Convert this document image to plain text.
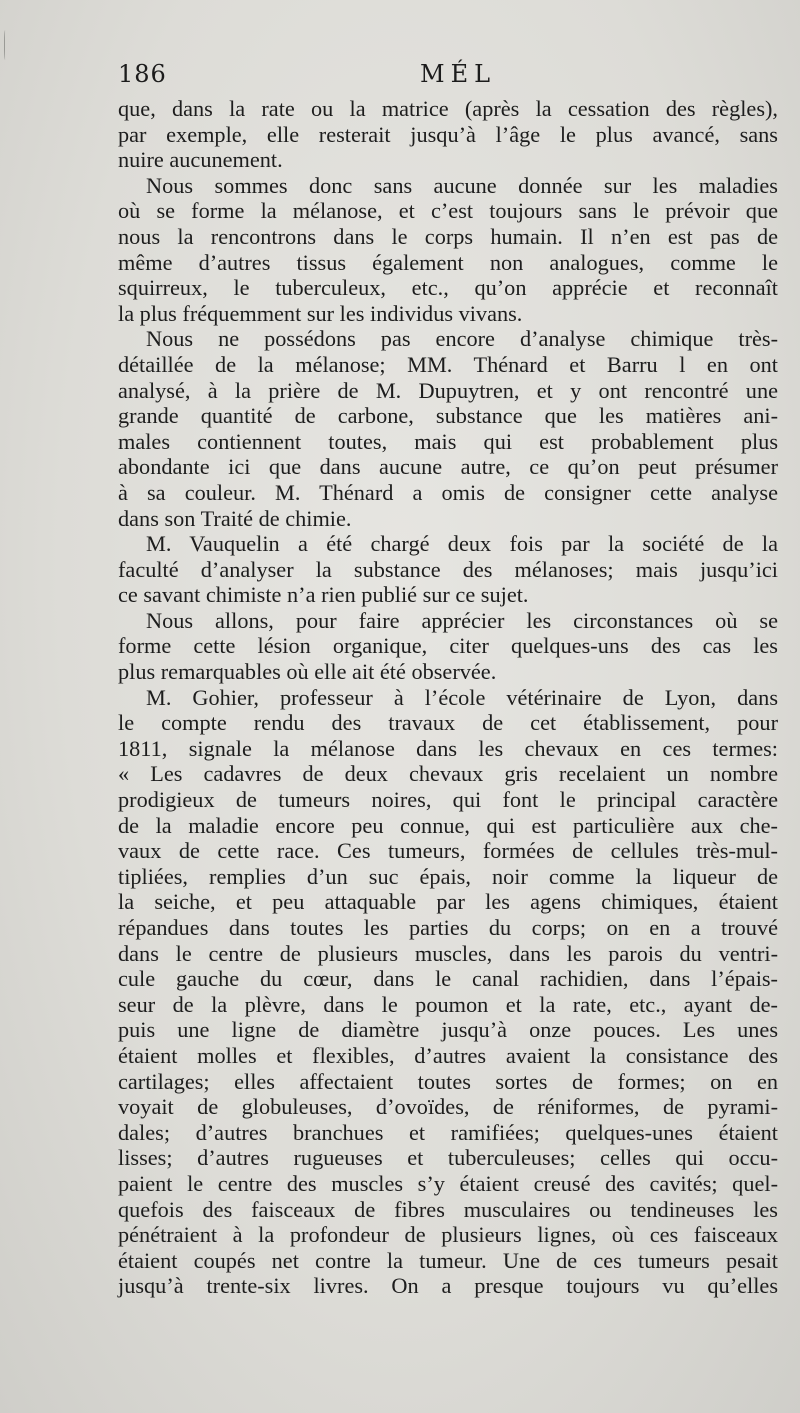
186	MÉL
que, dans la rate ou la matrice (après la cessation des règles),
par exemple, elle resterait jusqu’à l’âge le plus avancé, sans
nuire aucunement.
Nous sommes donc sans aucune donnée sur les maladies
où se forme la mélanose, et c’est toujours sans le prévoir que
nous la rencontrons dans le corps humain. Il n’en est pas de
même d’autres tissus également non analogues, comme le
squirreux, le tuberculeux, etc., qu’on apprécie et reconnaît
la plus fréquemment sur les individus vivans.
Nous ne possédons pas encore d’analyse chimique très-
détaillée de la mélanose; MM. Thénard et Barru l en ont
analysé, à la prière de M. Dupuytren, et y ont rencontré une
grande quantité de carbone, substance que les matières ani-
males contiennent toutes, mais qui est probablement plus
abondante ici que dans aucune autre, ce qu’on peut présumer
à sa couleur. M. Thénard a omis de consigner cette analyse
dans son Traité de chimie.
M. Vauquelin a été chargé deux fois par la société de la
faculté d’analyser la substance des mélanoses; mais jusqu’ici
ce savant chimiste n’a rien publié sur ce sujet.
Nous allons, pour faire apprécier les circonstances où se
forme cette lésion organique, citer quelques-uns des cas les
plus remarquables où elle ait été observée.
M. Gohier, professeur à l’école vétérinaire de Lyon, dans
le compte rendu des travaux de cet établissement, pour
1811, signale la mélanose dans les chevaux en ces termes:
« Les cadavres de deux chevaux gris recelaient un nombre
prodigieux de tumeurs noires, qui font le principal caractère
de la maladie encore peu connue, qui est particulière aux che-
vaux de cette race. Ces tumeurs, formées de cellules très-mul-
tipliées, remplies d’un suc épais, noir comme la liqueur de
la seiche, et peu attaquable par les agens chimiques, étaient
répandues dans toutes les parties du corps; on en a trouvé
dans le centre de plusieurs muscles, dans les parois du ventri-
cule gauche du cœur, dans le canal rachidien, dans l’épais-
seur de la plèvre, dans le poumon et la rate, etc., ayant de-
puis une ligne de diamètre jusqu’à onze pouces. Les unes
étaient molles et flexibles, d’autres avaient la consistance des
cartilages; elles affectaient toutes sortes de formes; on en
voyait de globuleuses, d’ovoïdes, de réniformes, de pyrami-
dales; d’autres branchues et ramifiées; quelques-unes étaient
lisses; d’autres rugueuses et tuberculeuses; celles qui occu-
paient le centre des muscles s’y étaient creusé des cavités; quel-
quefois des faisceaux de fibres musculaires ou tendineuses les
pénétraient à la profondeur de plusieurs lignes, où ces faisceaux
étaient coupés net contre la tumeur. Une de ces tumeurs pesait
jusqu’à trente-six livres. On a presque toujours vu qu’elles
